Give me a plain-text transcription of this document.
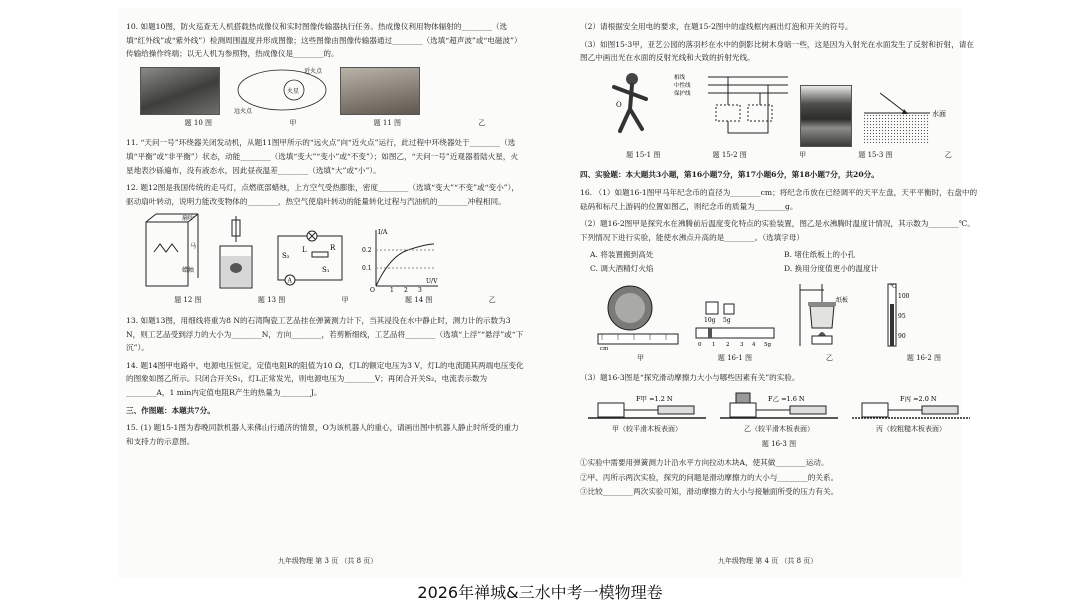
10. 如题10图，防火巡查无人机搭载热成像仪和实时图像传输器执行任务。热成像仪利用物体辐射的________（选填“红外线”或“紫外线”）检测周围温度并形成图像；这些图像由图像传输器通过________（选填“超声波”或“电磁波”）传输给操作终端；以无人机为参照物，热成像仪是________的。

火星
近火点
远火点
题 10 图	甲	题 11 图	乙

11. “天问一号”环绕器关闭发动机，从题11图甲所示的“远火点”向“近火点”运行，此过程中环绕器处于________（选填“平衡”或“非平衡”）状态，动能________（选填“变大”“变小”或“不变”）；如图乙，“天问一号”近观器着陆火星，火星地表沙砾遍布，没有液态水，因此昼夜温差________（选填“大”或“小”）。

12. 题12图是我国传统的走马灯，点燃底部蜡烛，上方空气受热膨胀，密度________（选填“变大”“不变”或“变小”），驱动扇叶转动，说明力能改变物体的________，热空气使扇叶转动的能量转化过程与汽油机的________冲程相同。

扇叶
马
蜡烛
A
S₂
L	R
S₁
I/A
0.2
0.1
1 2 3
O
U/V
题 12 图	题 13 图	甲	题 14 图	乙

13. 如题13图，用细线将重为8 N的石湾陶瓷工艺品挂在弹簧测力计下，当其浸没在水中静止时，测力计的示数为3 N，则工艺品受到浮力的大小为________N，方向________，若剪断细线，工艺品将________（选填“上浮”“悬浮”或“下沉”）。

14. 题14图甲电路中，电源电压恒定，定值电阻R的阻值为10 Ω，灯L的额定电压为3 V，灯L的电流随其两端电压变化的图象如图乙所示。只闭合开关S₁，灯L正常发光，则电源电压为________V；再闭合开关S₂，电流表示数为________A，1 min内定值电阻R产生的热量为________J。

三、作图题：本题共7分。

15. (1) 题15-1图为春晚同款机器人来佛山行通济的情景，O为该机器人的重心，请画出图中机器人静止时所受的重力和支持力的示意图。

九年级物理 第 3 页 （共 8 页）

（2）请根据安全用电的要求，在题15-2图中的虚线框内画出灯泡和开关的符号。

（3）如图15-3甲，亚艺公园的落羽杉在水中的倒影比树木身暗一些，这是因为入射光在水面发生了反射和折射，请在图乙中画出光在水面的反射光线和大致的折射光线。

O
相线
中性线
保护线
水面
题 15-1 图	题 15-2 图	甲	题 15-3 图	乙

四、实验题：本大题共3小题，第16小题7分，第17小题6分，第18小题7分，共20分。

16. （1）如题16-1图甲马年纪念币的直径为________cm；将纪念币放在已经调平的天平左盘，天平平衡时，右盘中的砝码和标尺上游码的位置如图乙，则纪念币的质量为________g。

（2）题16-2图甲是探究水在沸腾前后温度变化特点的实验装置，图乙是水沸腾时温度计情况，其示数为________℃。下列情况下进行实验，能使水沸点升高的是________。（选填字母）

A. 将装置搬到高处	B. 堵住纸板上的小孔
C. 调大酒精灯火焰	D. 换用分度值更小的温度计
cm
10g 5g
0 1 2 3 4 5g
纸板
℃
100
95
90
甲	题 16-1 图	乙	题 16-2 图

（3）题16-3图是“探究滑动摩擦力大小与哪些因素有关”的实验。

F甲 =1.2 N
甲（较平滑木板表面）
F乙 =1.6 N
乙（较平滑木板表面）
F丙 =2.0 N
丙（较粗糙木板表面）
题 16-3 图

①实验中需要用弹簧测力计沿水平方向拉动木块A，使其做________运动。

②甲、丙所示两次实验，探究的问题是滑动摩擦力的大小与________的关系。

③比较________两次实验可知，滑动摩擦力的大小与接触面所受的压力有关。

九年级物理 第 4 页 （共 8 页）
2026年禅城&三水中考一模物理卷
